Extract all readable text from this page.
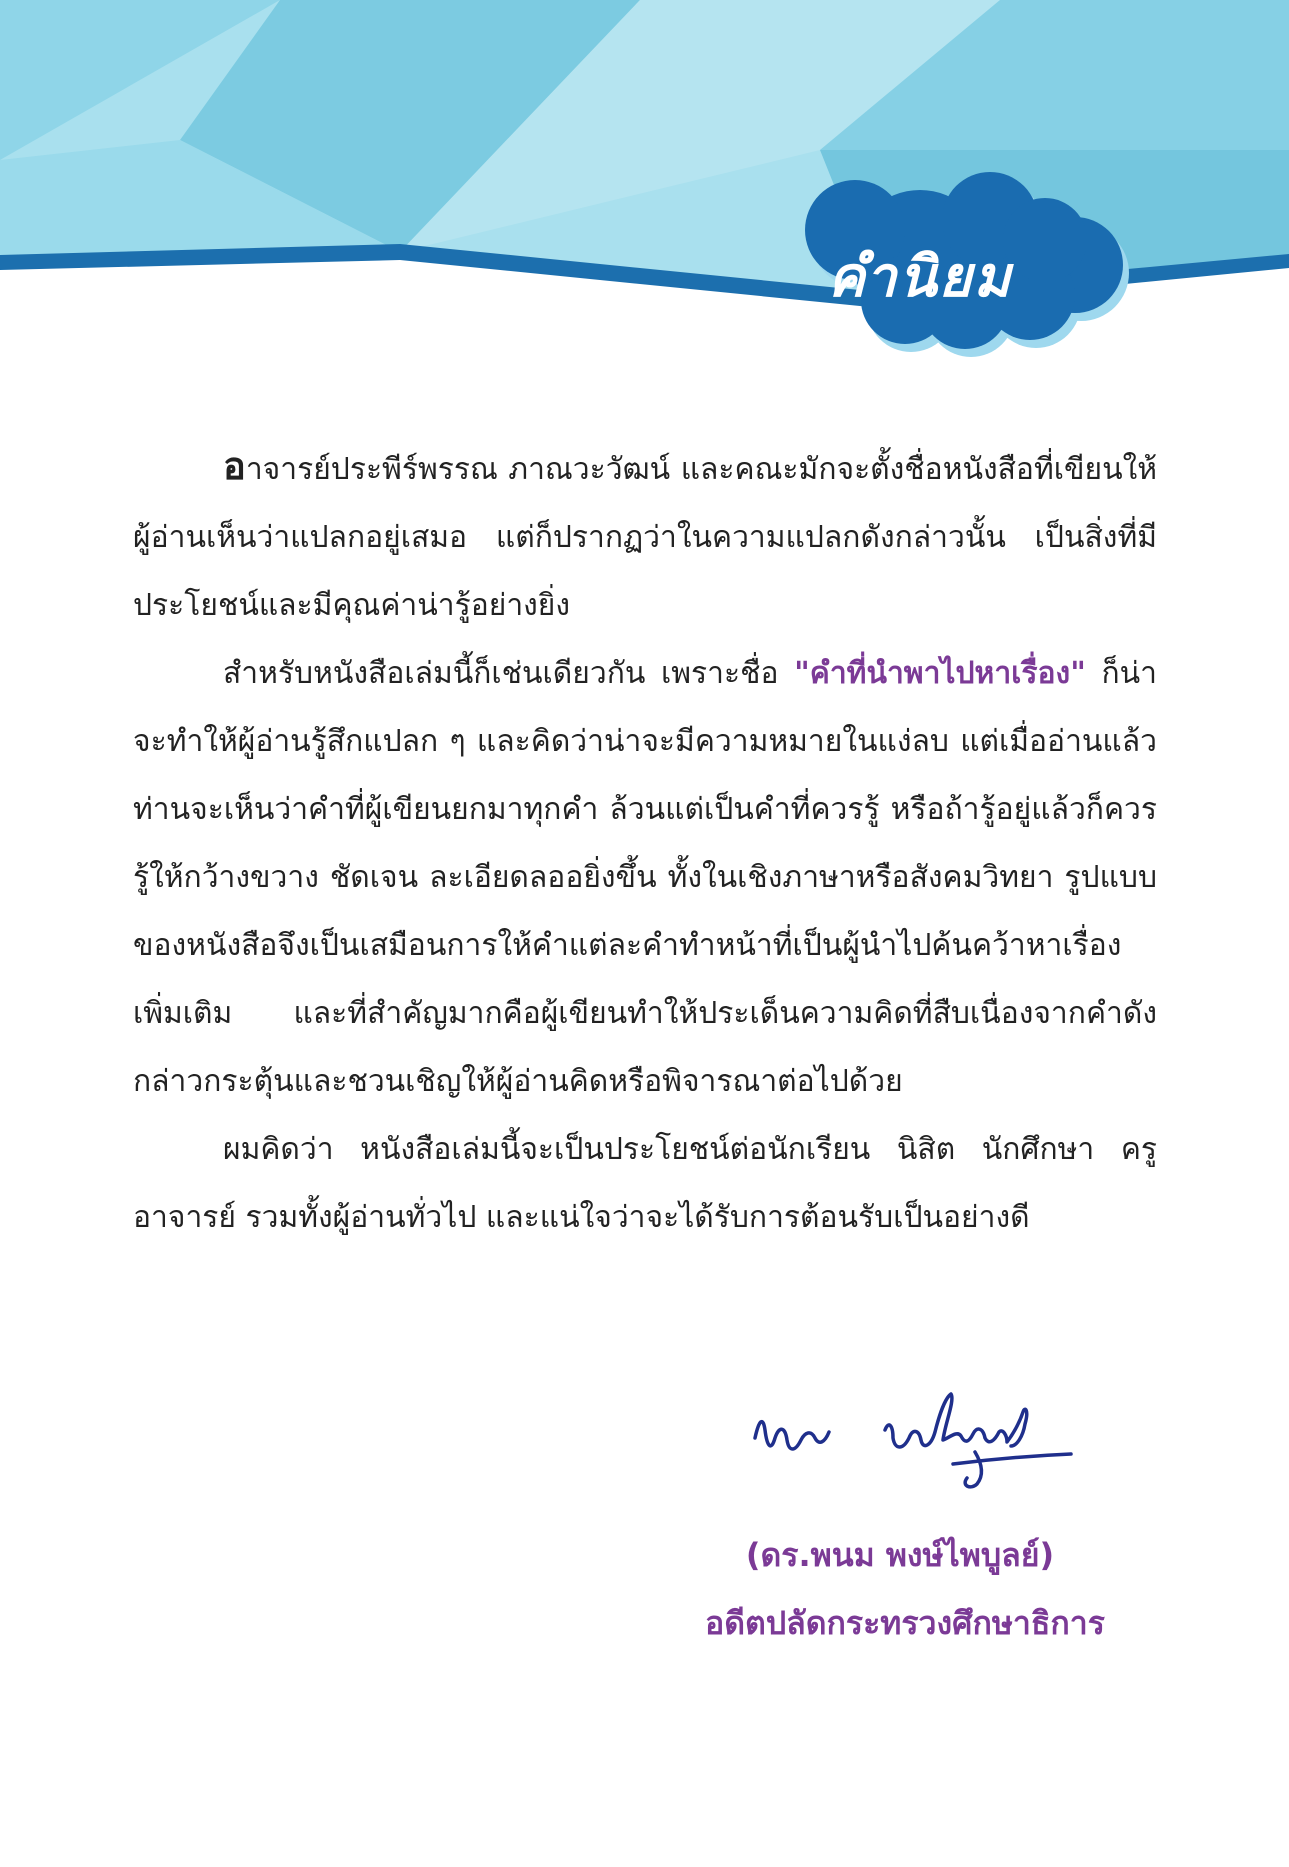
คำนิยม

อาจารย์ประพีร์พรรณ ภาณวะวัฒน์ และคณะมักจะตั้งชื่อหนังสือที่เขียนให้ผู้อ่านเห็นว่าแปลกอยู่เสมอ แต่ก็ปรากฏว่าในความแปลกดังกล่าวนั้น เป็นสิ่งที่มีประโยชน์และมีคุณค่าน่ารู้อย่างยิ่ง

สำหรับหนังสือเล่มนี้ก็เช่นเดียวกัน เพราะชื่อ "คำที่นำพาไปหาเรื่อง" ก็น่าจะทำให้ผู้อ่านรู้สึกแปลก ๆ และคิดว่าน่าจะมีความหมายในแง่ลบ แต่เมื่ออ่านแล้ว ท่านจะเห็นว่าคำที่ผู้เขียนยกมาทุกคำ ล้วนแต่เป็นคำที่ควรรู้ หรือถ้ารู้อยู่แล้วก็ควรรู้ให้กว้างขวาง ชัดเจน ละเอียดลออยิ่งขึ้น ทั้งในเชิงภาษาหรือสังคมวิทยา รูปแบบของหนังสือจึงเป็นเสมือนการให้คำแต่ละคำทำหน้าที่เป็นผู้นำไปค้นคว้าหาเรื่องเพิ่มเติม และที่สำคัญมากคือผู้เขียนทำให้ประเด็นความคิดที่สืบเนื่องจากคำดังกล่าวกระตุ้นและชวนเชิญให้ผู้อ่านคิดหรือพิจารณาต่อไปด้วย

ผมคิดว่า หนังสือเล่มนี้จะเป็นประโยชน์ต่อนักเรียน นิสิต นักศึกษา ครู อาจารย์ รวมทั้งผู้อ่านทั่วไป และแน่ใจว่าจะได้รับการต้อนรับเป็นอย่างดี

(ดร.พนม พงษ์ไพบูลย์)
อดีตปลัดกระทรวงศึกษาธิการ
